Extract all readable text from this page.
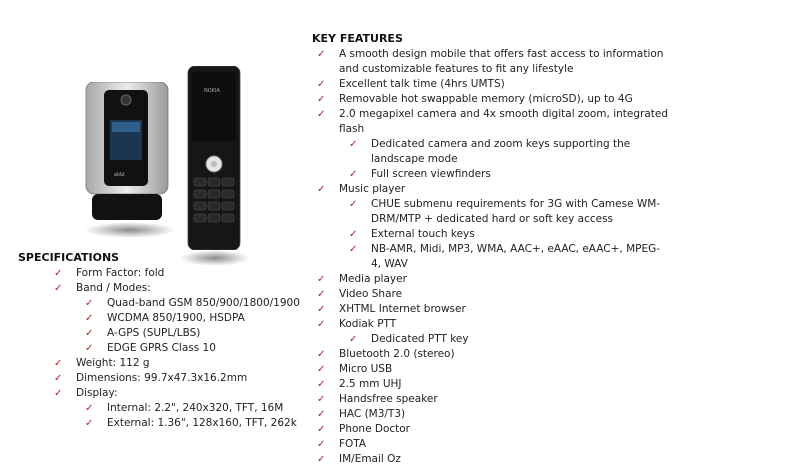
at&t
NOKIA
SPECIFICATIONS
✓ Form Factor: fold
✓ Band / Modes:
✓ Quad-band GSM 850/900/1800/1900
✓ WCDMA 850/1900, HSDPA
✓ A-GPS (SUPL/LBS)
✓ EDGE GPRS Class 10
✓ Weight: 112 g
✓ Dimensions: 99.7x47.3x16.2mm
✓ Display:
✓ Internal: 2.2", 240x320, TFT, 16M
✓ External: 1.36", 128x160, TFT, 262k
KEY FEATURES
✓ A smooth design mobile that offers fast access to information and customizable features to fit any lifestyle
✓ Excellent talk time (4hrs UMTS)
✓ Removable hot swappable memory (microSD), up to 4G
✓ 2.0 megapixel camera and 4x smooth digital zoom, integrated flash
✓ Dedicated camera and zoom keys supporting the landscape mode
✓ Full screen viewfinders
✓ Music player
✓ CHUE submenu requirements for 3G with Camese WM-DRM/MTP + dedicated hard or soft key access
✓ External touch keys
✓ NB-AMR, Midi, MP3, WMA, AAC+, eAAC, eAAC+, MPEG-4, WAV
✓ Media player
✓ Video Share
✓ XHTML Internet browser
✓ Kodiak PTT
✓ Dedicated PTT key
✓ Bluetooth 2.0 (stereo)
✓ Micro USB
✓ 2.5 mm UHJ
✓ Handsfree speaker
✓ HAC (M3/T3)
✓ Phone Doctor
✓ FOTA
✓ IM/Email Oz
